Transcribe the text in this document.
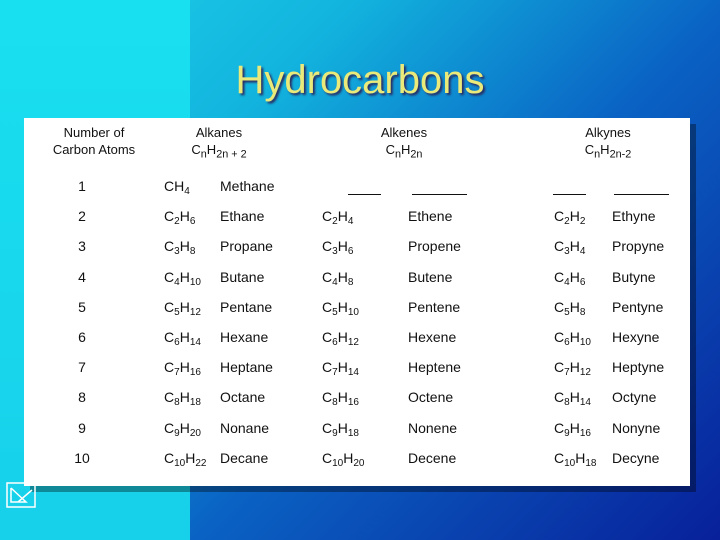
Hydrocarbons
Number of
Carbon Atoms
Alkanes
$C_nH_{2n + 2}$
Alkenes
$C_nH_{2n}$
Alkynes
$C_nH_{2n-2}$
1	$CH_4$ Methane
2	$C_2H_6$ Ethane	$C_2H_4$	Ethene	$C_2H_2$ Ethyne
3	$C_3H_8$ Propane	$C_3H_6$	Propene	$C_3H_4$ Propyne
4	$C_4H_{10}$ Butane	$C_4H_8$	Butene	$C_4H_6$ Butyne
5	$C_5H_{12}$ Pentane	$C_5H_{10}$	Pentene	$C_5H_8$ Pentyne
6	$C_6H_{14}$ Hexane	$C_6H_{12}$	Hexene	$C_6H_{10}$ Hexyne
7	$C_7H_{16}$ Heptane	$C_7H_{14}$	Heptene	$C_7H_{12}$ Heptyne
8	$C_8H_{18}$ Octane	$C_8H_{16}$	Octene	$C_8H_{14}$ Octyne
9	$C_9H_{20}$ Nonane	$C_9H_{18}$	Nonene	$C_9H_{16}$ Nonyne
10	$C_{10}H_{22}$ Decane	$C_{10}H_{20}$	Decene	$C_{10}H_{18}$ Decyne
